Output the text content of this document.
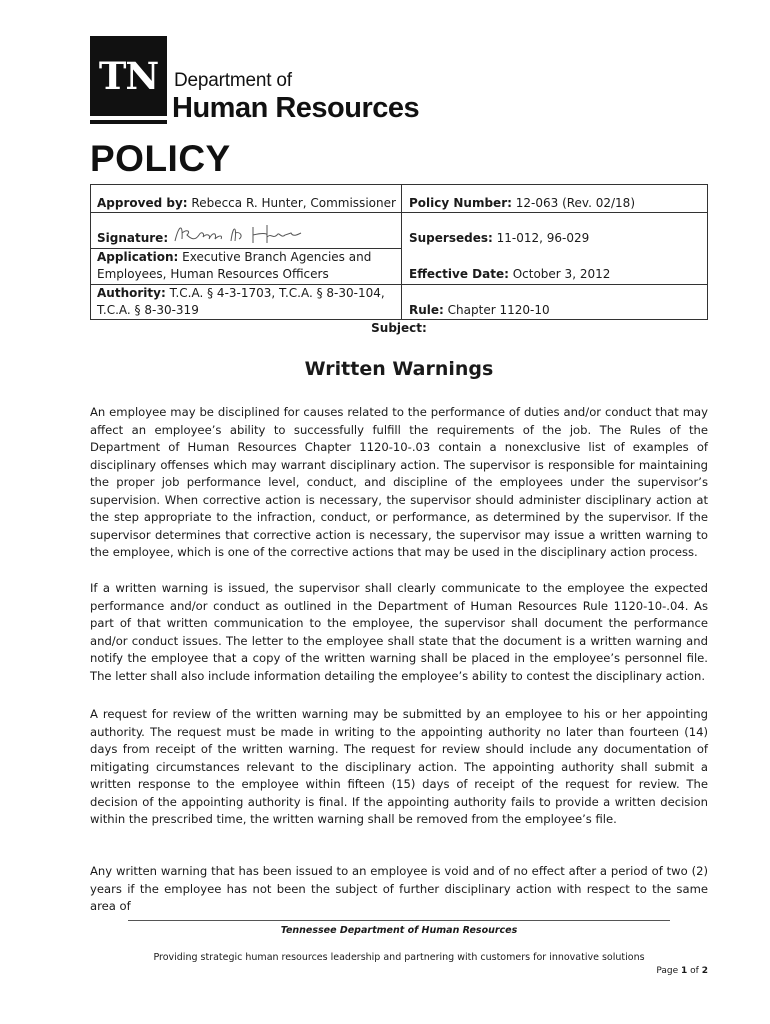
TN Department of
Human Resources
POLICY
Approved by: Rebecca R. Hunter, Commissioner Policy Number: 12-063 (Rev. 02/18)
Signature:	Supersedes: 11-012, 96-029
Application: Executive Branch Agencies and Employees, Human Resources Officers	Effective Date: October 3, 2012
Authority: T.C.A. § 4-3-1703, T.C.A. § 8-30-104, T.C.A. § 8-30-319	Rule: Chapter 1120-10
Subject:
Written Warnings
An employee may be disciplined for causes related to the performance of duties and/or conduct that may affect an employee’s ability to successfully fulfill the requirements of the job. The Rules of the Department of Human Resources Chapter 1120-10-.03 contain a nonexclusive list of examples of disciplinary offenses which may warrant disciplinary action. The supervisor is responsible for maintaining the proper job performance level, conduct, and discipline of the employees under the supervisor’s supervision. When corrective action is necessary, the supervisor should administer disciplinary action at the step appropriate to the infraction, conduct, or performance, as determined by the supervisor. If the supervisor determines that corrective action is necessary, the supervisor may issue a written warning to the employee, which is one of the corrective actions that may be used in the disciplinary action process.
If a written warning is issued, the supervisor shall clearly communicate to the employee the expected performance and/or conduct as outlined in the Department of Human Resources Rule 1120-10-.04. As part of that written communication to the employee, the supervisor shall document the performance and/or conduct issues. The letter to the employee shall state that the document is a written warning and notify the employee that a copy of the written warning shall be placed in the employee’s personnel file. The letter shall also include information detailing the employee’s ability to contest the disciplinary action.
A request for review of the written warning may be submitted by an employee to his or her appointing authority. The request must be made in writing to the appointing authority no later than fourteen (14) days from receipt of the written warning. The request for review should include any documentation of mitigating circumstances relevant to the disciplinary action. The appointing authority shall submit a written response to the employee within fifteen (15) days of receipt of the request for review. The decision of the appointing authority is final. If the appointing authority fails to provide a written decision within the prescribed time, the written warning shall be removed from the employee’s file.
Any written warning that has been issued to an employee is void and of no effect after a period of two (2) years if the employee has not been the subject of further disciplinary action with respect to the same area of
Tennessee Department of Human Resources
Providing strategic human resources leadership and partnering with customers for innovative solutions
Page 1 of 2
